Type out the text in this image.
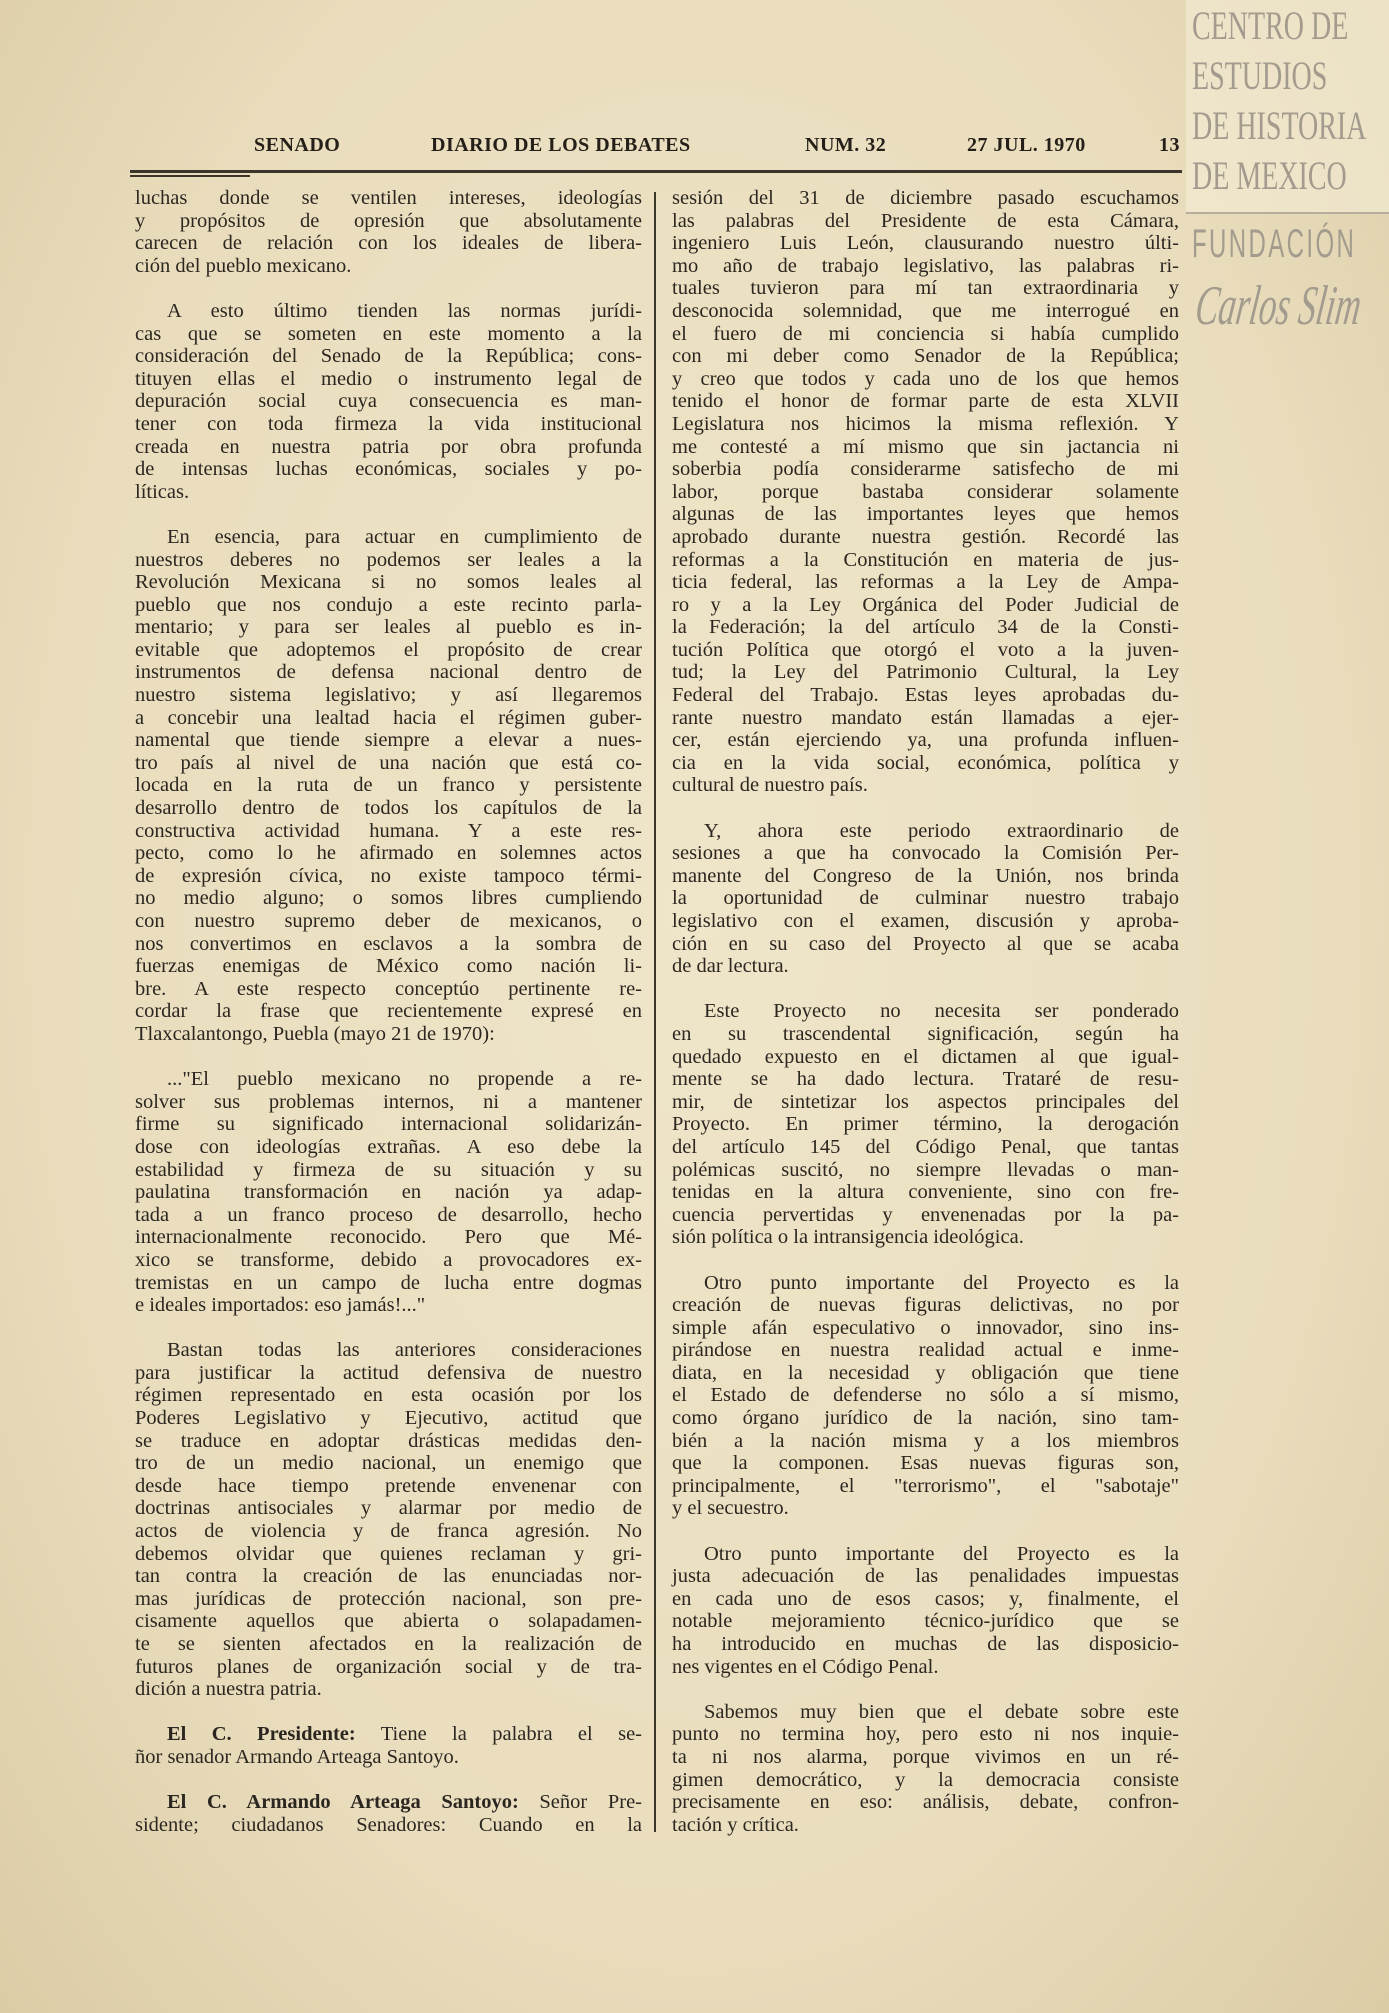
CENTRO DE
ESTUDIOS
DE HISTORIA
DE MEXICO
FUNDACIÓN
Carlos Slim
SENADO	DIARIO DE LOS DEBATES	NUM. 32	27 JUL. 1970	13
luchas donde se ventilen intereses, ideologías
y propósitos de opresión que absolutamente
carecen de relación con los ideales de libera-
ción del pueblo mexicano.
A esto último tienden las normas jurídi-
cas que se someten en este momento a la
consideración del Senado de la República; cons-
tituyen ellas el medio o instrumento legal de
depuración social cuya consecuencia es man-
tener con toda firmeza la vida institucional
creada en nuestra patria por obra profunda
de intensas luchas económicas, sociales y po-
líticas.
En esencia, para actuar en cumplimiento de
nuestros deberes no podemos ser leales a la
Revolución Mexicana si no somos leales al
pueblo que nos condujo a este recinto parla-
mentario; y para ser leales al pueblo es in-
evitable que adoptemos el propósito de crear
instrumentos de defensa nacional dentro de
nuestro sistema legislativo; y así llegaremos
a concebir una lealtad hacia el régimen guber-
namental que tiende siempre a elevar a nues-
tro país al nivel de una nación que está co-
locada en la ruta de un franco y persistente
desarrollo dentro de todos los capítulos de la
constructiva actividad humana. Y a este res-
pecto, como lo he afirmado en solemnes actos
de expresión cívica, no existe tampoco térmi-
no medio alguno; o somos libres cumpliendo
con nuestro supremo deber de mexicanos, o
nos convertimos en esclavos a la sombra de
fuerzas enemigas de México como nación li-
bre. A este respecto conceptúo pertinente re-
cordar la frase que recientemente expresé en
Tlaxcalantongo, Puebla (mayo 21 de 1970):
..."El pueblo mexicano no propende a re-
solver sus problemas internos, ni a mantener
firme su significado internacional solidarizán-
dose con ideologías extrañas. A eso debe la
estabilidad y firmeza de su situación y su
paulatina transformación en nación ya adap-
tada a un franco proceso de desarrollo, hecho
internacionalmente reconocido. Pero que Mé-
xico se transforme, debido a provocadores ex-
tremistas en un campo de lucha entre dogmas
e ideales importados: eso jamás!..."
Bastan todas las anteriores consideraciones
para justificar la actitud defensiva de nuestro
régimen representado en esta ocasión por los
Poderes Legislativo y Ejecutivo, actitud que
se traduce en adoptar drásticas medidas den-
tro de un medio nacional, un enemigo que
desde hace tiempo pretende envenenar con
doctrinas antisociales y alarmar por medio de
actos de violencia y de franca agresión. No
debemos olvidar que quienes reclaman y gri-
tan contra la creación de las enunciadas nor-
mas jurídicas de protección nacional, son pre-
cisamente aquellos que abierta o solapadamen-
te se sienten afectados en la realización de
futuros planes de organización social y de tra-
dición a nuestra patria.
El C. Presidente: Tiene la palabra el se-
ñor senador Armando Arteaga Santoyo.
El C. Armando Arteaga Santoyo: Señor Pre-
sidente; ciudadanos Senadores: Cuando en la
sesión del 31 de diciembre pasado escuchamos
las palabras del Presidente de esta Cámara,
ingeniero Luis León, clausurando nuestro últi-
mo año de trabajo legislativo, las palabras ri-
tuales tuvieron para mí tan extraordinaria y
desconocida solemnidad, que me interrogué en
el fuero de mi conciencia si había cumplido
con mi deber como Senador de la República;
y creo que todos y cada uno de los que hemos
tenido el honor de formar parte de esta XLVII
Legislatura nos hicimos la misma reflexión. Y
me contesté a mí mismo que sin jactancia ni
soberbia podía considerarme satisfecho de mi
labor, porque bastaba considerar solamente
algunas de las importantes leyes que hemos
aprobado durante nuestra gestión. Recordé las
reformas a la Constitución en materia de jus-
ticia federal, las reformas a la Ley de Ampa-
ro y a la Ley Orgánica del Poder Judicial de
la Federación; la del artículo 34 de la Consti-
tución Política que otorgó el voto a la juven-
tud; la Ley del Patrimonio Cultural, la Ley
Federal del Trabajo. Estas leyes aprobadas du-
rante nuestro mandato están llamadas a ejer-
cer, están ejerciendo ya, una profunda influen-
cia en la vida social, económica, política y
cultural de nuestro país.
Y, ahora este periodo extraordinario de
sesiones a que ha convocado la Comisión Per-
manente del Congreso de la Unión, nos brinda
la oportunidad de culminar nuestro trabajo
legislativo con el examen, discusión y aproba-
ción en su caso del Proyecto al que se acaba
de dar lectura.
Este Proyecto no necesita ser ponderado
en su trascendental significación, según ha
quedado expuesto en el dictamen al que igual-
mente se ha dado lectura. Trataré de resu-
mir, de sintetizar los aspectos principales del
Proyecto. En primer término, la derogación
del artículo 145 del Código Penal, que tantas
polémicas suscitó, no siempre llevadas o man-
tenidas en la altura conveniente, sino con fre-
cuencia pervertidas y envenenadas por la pa-
sión política o la intransigencia ideológica.
Otro punto importante del Proyecto es la
creación de nuevas figuras delictivas, no por
simple afán especulativo o innovador, sino ins-
pirándose en nuestra realidad actual e inme-
diata, en la necesidad y obligación que tiene
el Estado de defenderse no sólo a sí mismo,
como órgano jurídico de la nación, sino tam-
bién a la nación misma y a los miembros
que la componen. Esas nuevas figuras son,
principalmente, el "terrorismo", el "sabotaje"
y el secuestro.
Otro punto importante del Proyecto es la
justa adecuación de las penalidades impuestas
en cada uno de esos casos; y, finalmente, el
notable mejoramiento técnico-jurídico que se
ha introducido en muchas de las disposicio-
nes vigentes en el Código Penal.
Sabemos muy bien que el debate sobre este
punto no termina hoy, pero esto ni nos inquie-
ta ni nos alarma, porque vivimos en un ré-
gimen democrático, y la democracia consiste
precisamente en eso: análisis, debate, confron-
tación y crítica.
